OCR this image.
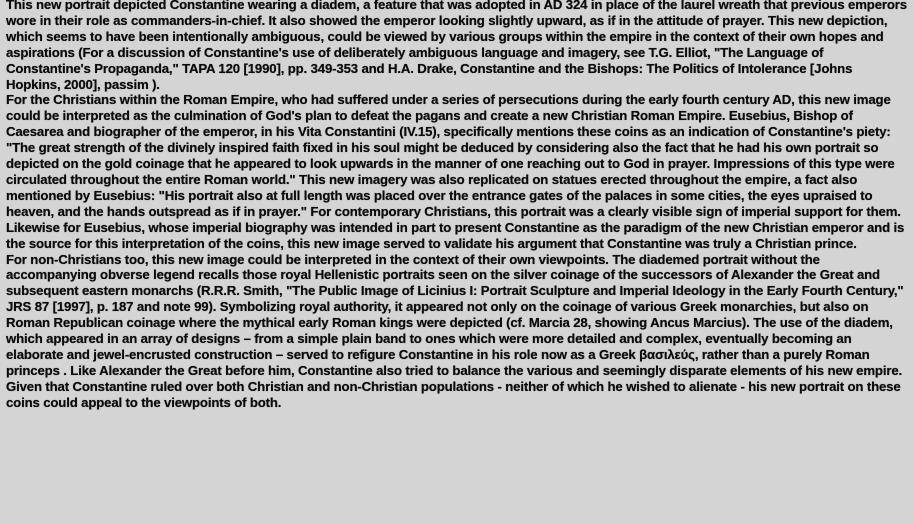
This new portrait depicted Constantine wearing a diadem, a feature that was adopted in AD 324 in place of the laurel wreath that previous emperors wore in their role as commanders-in-chief. It also showed the emperor looking slightly upward, as if in the attitude of prayer. This new depiction, which seems to have been intentionally ambiguous, could be viewed by various groups within the empire in the context of their own hopes and aspirations (For a discussion of Constantine's use of deliberately ambiguous language and imagery, see T.G. Elliot, "The Language of Constantine's Propaganda," TAPA 120 [1990], pp. 349-353 and H.A. Drake, Constantine and the Bishops: The Politics of Intolerance [Johns Hopkins, 2000], passim ).

For the Christians within the Roman Empire, who had suffered under a series of persecutions during the early fourth century AD, this new image could be interpreted as the culmination of God's plan to defeat the pagans and create a new Christian Roman Empire. Eusebius, Bishop of Caesarea and biographer of the emperor, in his Vita Constantini (IV.15), specifically mentions these coins as an indication of Constantine's piety: "The great strength of the divinely inspired faith fixed in his soul might be deduced by considering also the fact that he had his own portrait so depicted on the gold coinage that he appeared to look upwards in the manner of one reaching out to God in prayer. Impressions of this type were circulated throughout the entire Roman world." This new imagery was also replicated on statues erected throughout the empire, a fact also mentioned by Eusebius: "His portrait also at full length was placed over the entrance gates of the palaces in some cities, the eyes upraised to heaven, and the hands outspread as if in prayer." For contemporary Christians, this portrait was a clearly visible sign of imperial support for them. Likewise for Eusebius, whose imperial biography was intended in part to present Constantine as the paradigm of the new Christian emperor and is the source for this interpretation of the coins, this new image served to validate his argument that Constantine was truly a Christian prince.

For non-Christians too, this new image could be interpreted in the context of their own viewpoints. The diademed portrait without the accompanying obverse legend recalls those royal Hellenistic portraits seen on the silver coinage of the successors of Alexander the Great and subsequent eastern monarchs (R.R.R. Smith, "The Public Image of Licinius I: Portrait Sculpture and Imperial Ideology in the Early Fourth Century," JRS 87 [1997], p. 187 and note 99). Symbolizing royal authority, it appeared not only on the coinage of various Greek monarchies, but also on Roman Republican coinage where the mythical early Roman kings were depicted (cf. Marcia 28, showing Ancus Marcius). The use of the diadem, which appeared in an array of designs – from a simple plain band to ones which were more detailed and complex, eventually becoming an elaborate and jewel-encrusted construction – served to refigure Constantine in his role now as a Greek βασιλεύς, rather than a purely Roman princeps . Like Alexander the Great before him, Constantine also tried to balance the various and seemingly disparate elements of his new empire. Given that Constantine ruled over both Christian and non-Christian populations - neither of which he wished to alienate - his new portrait on these coins could appeal to the viewpoints of both.
